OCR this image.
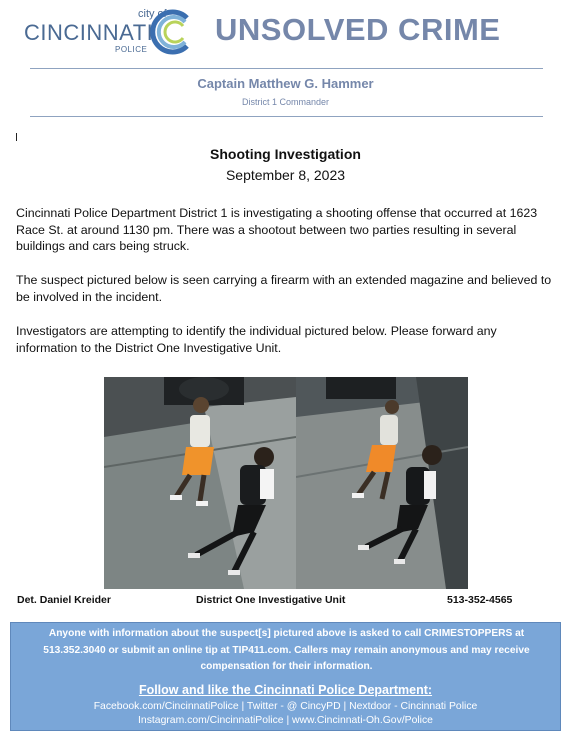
city of
CINCINNATI
POLICE
UNSOLVED CRIME
Captain Matthew G. Hammer
District 1 Commander
Shooting Investigation
September 8, 2023
Cincinnati Police Department District 1 is investigating a shooting offense that occurred at 1623 Race St. at around 1130 pm. There was a shootout between two parties resulting in several buildings and cars being struck.
The suspect pictured below is seen carrying a firearm with an extended magazine and believed to be involved in the incident.
Investigators are attempting to identify the individual pictured below. Please forward any information to the District One Investigative Unit.
Det. Daniel Kreider	District One Investigative Unit	513-352-4565
Anyone with information about the suspect[s] pictured above is asked to call CRIMESTOPPERS at 513.352.3040 or submit an online tip at TIP411.com. Callers may remain anonymous and may receive compensation for their information.
Follow and like the Cincinnati Police Department:
Facebook.com/CincinnatiPolice | Twitter - @ CincyPD | Nextdoor - Cincinnati Police
Instagram.com/CincinnatiPolice | www.Cincinnati-Oh.Gov/Police
